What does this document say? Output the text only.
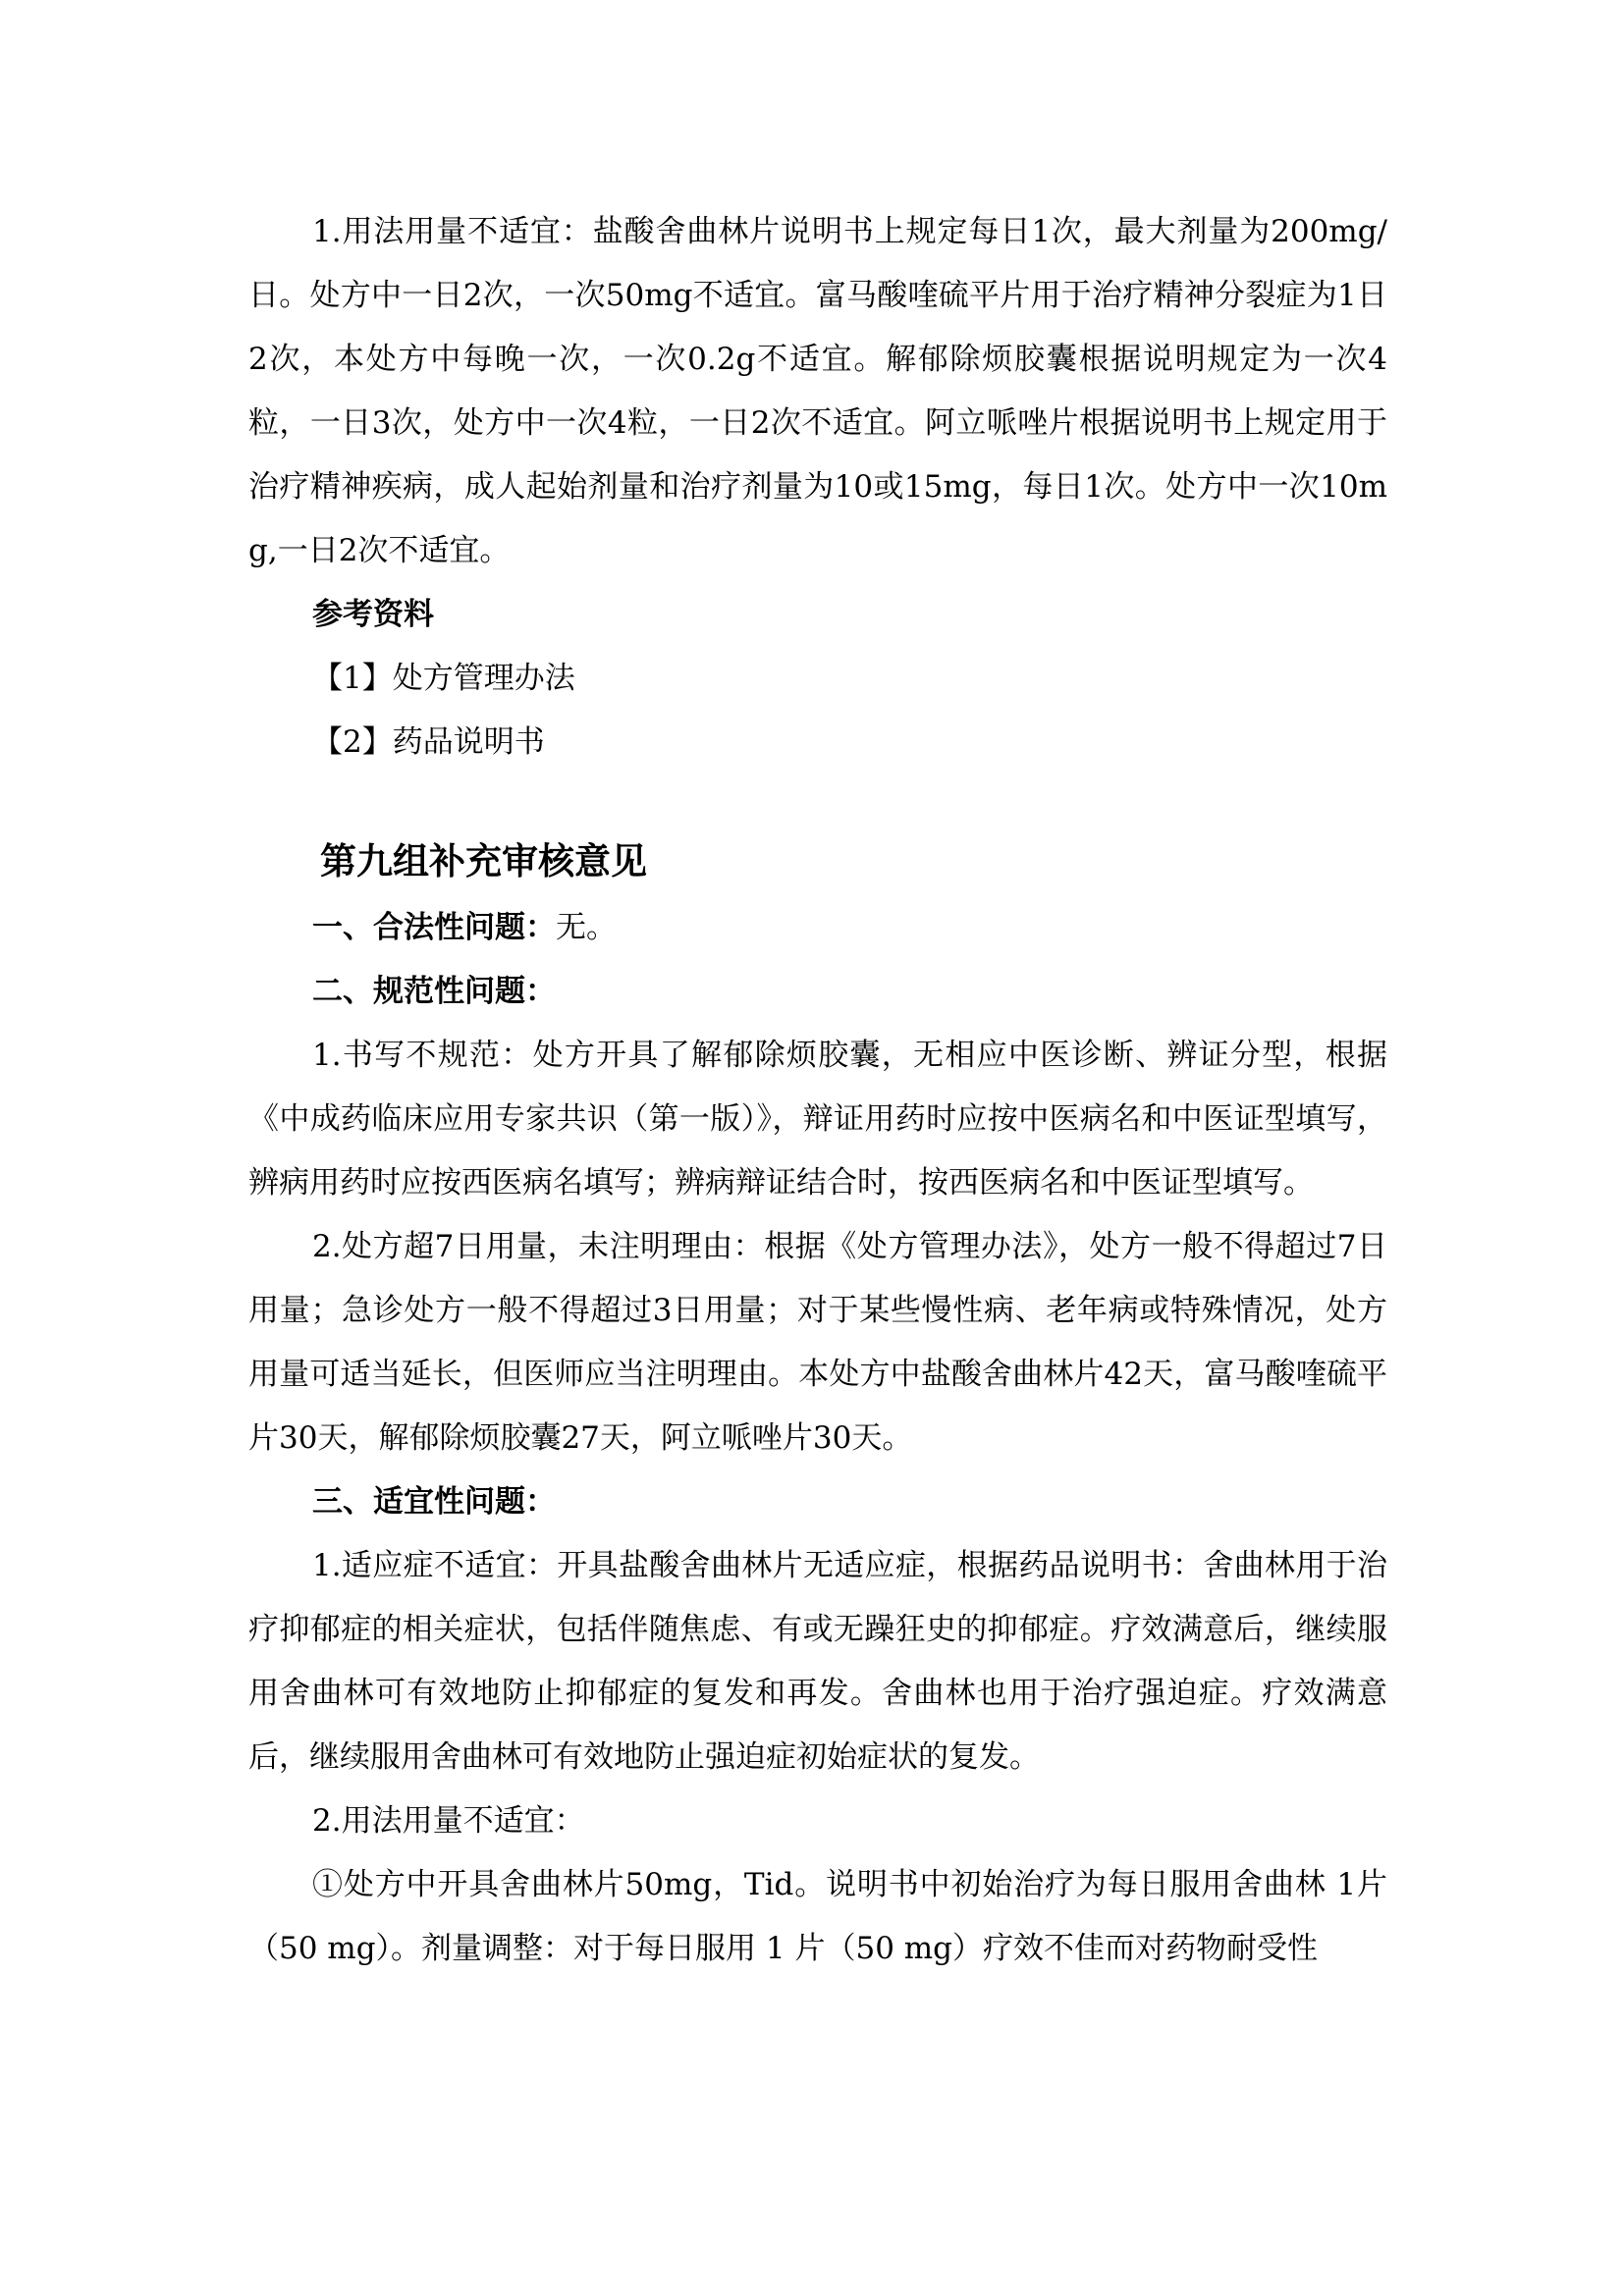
1.用法用量不适宜：盐酸舍曲林片说明书上规定每日1次，最大剂量为200mg/日。处方中一日2次，一次50mg不适宜。富马酸喹硫平片用于治疗精神分裂症为1日2次，本处方中每晚一次，一次0.2g不适宜。解郁除烦胶囊根据说明规定为一次4粒，一日3次，处方中一次4粒，一日2次不适宜。阿立哌唑片根据说明书上规定用于治疗精神疾病，成人起始剂量和治疗剂量为10或15mg，每日1次。处方中一次10mg,一日2次不适宜。

参考资料

【1】处方管理办法

【2】药品说明书

第九组补充审核意见

一、合法性问题：无。

二、规范性问题：

1.书写不规范：处方开具了解郁除烦胶囊，无相应中医诊断、辨证分型，根据《中成药临床应用专家共识（第一版）》，辩证用药时应按中医病名和中医证型填写，辨病用药时应按西医病名填写；辨病辩证结合时，按西医病名和中医证型填写。

2.处方超7日用量，未注明理由：根据《处方管理办法》，处方一般不得超过7日用量；急诊处方一般不得超过3日用量；对于某些慢性病、老年病或特殊情况，处方用量可适当延长，但医师应当注明理由。本处方中盐酸舍曲林片42天，富马酸喹硫平片30天，解郁除烦胶囊27天，阿立哌唑片30天。

三、适宜性问题：

1.适应症不适宜：开具盐酸舍曲林片无适应症，根据药品说明书：舍曲林用于治疗抑郁症的相关症状，包括伴随焦虑、有或无躁狂史的抑郁症。疗效满意后，继续服用舍曲林可有效地防止抑郁症的复发和再发。舍曲林也用于治疗强迫症。疗效满意后，继续服用舍曲林可有效地防止强迫症初始症状的复发。

2.用法用量不适宜：

①处方中开具舍曲林片50mg，Tid。说明书中初始治疗为每日服用舍曲林 1片（50 mg）。剂量调整：对于每日服用 1 片（50 mg）疗效不佳而对药物耐受性
